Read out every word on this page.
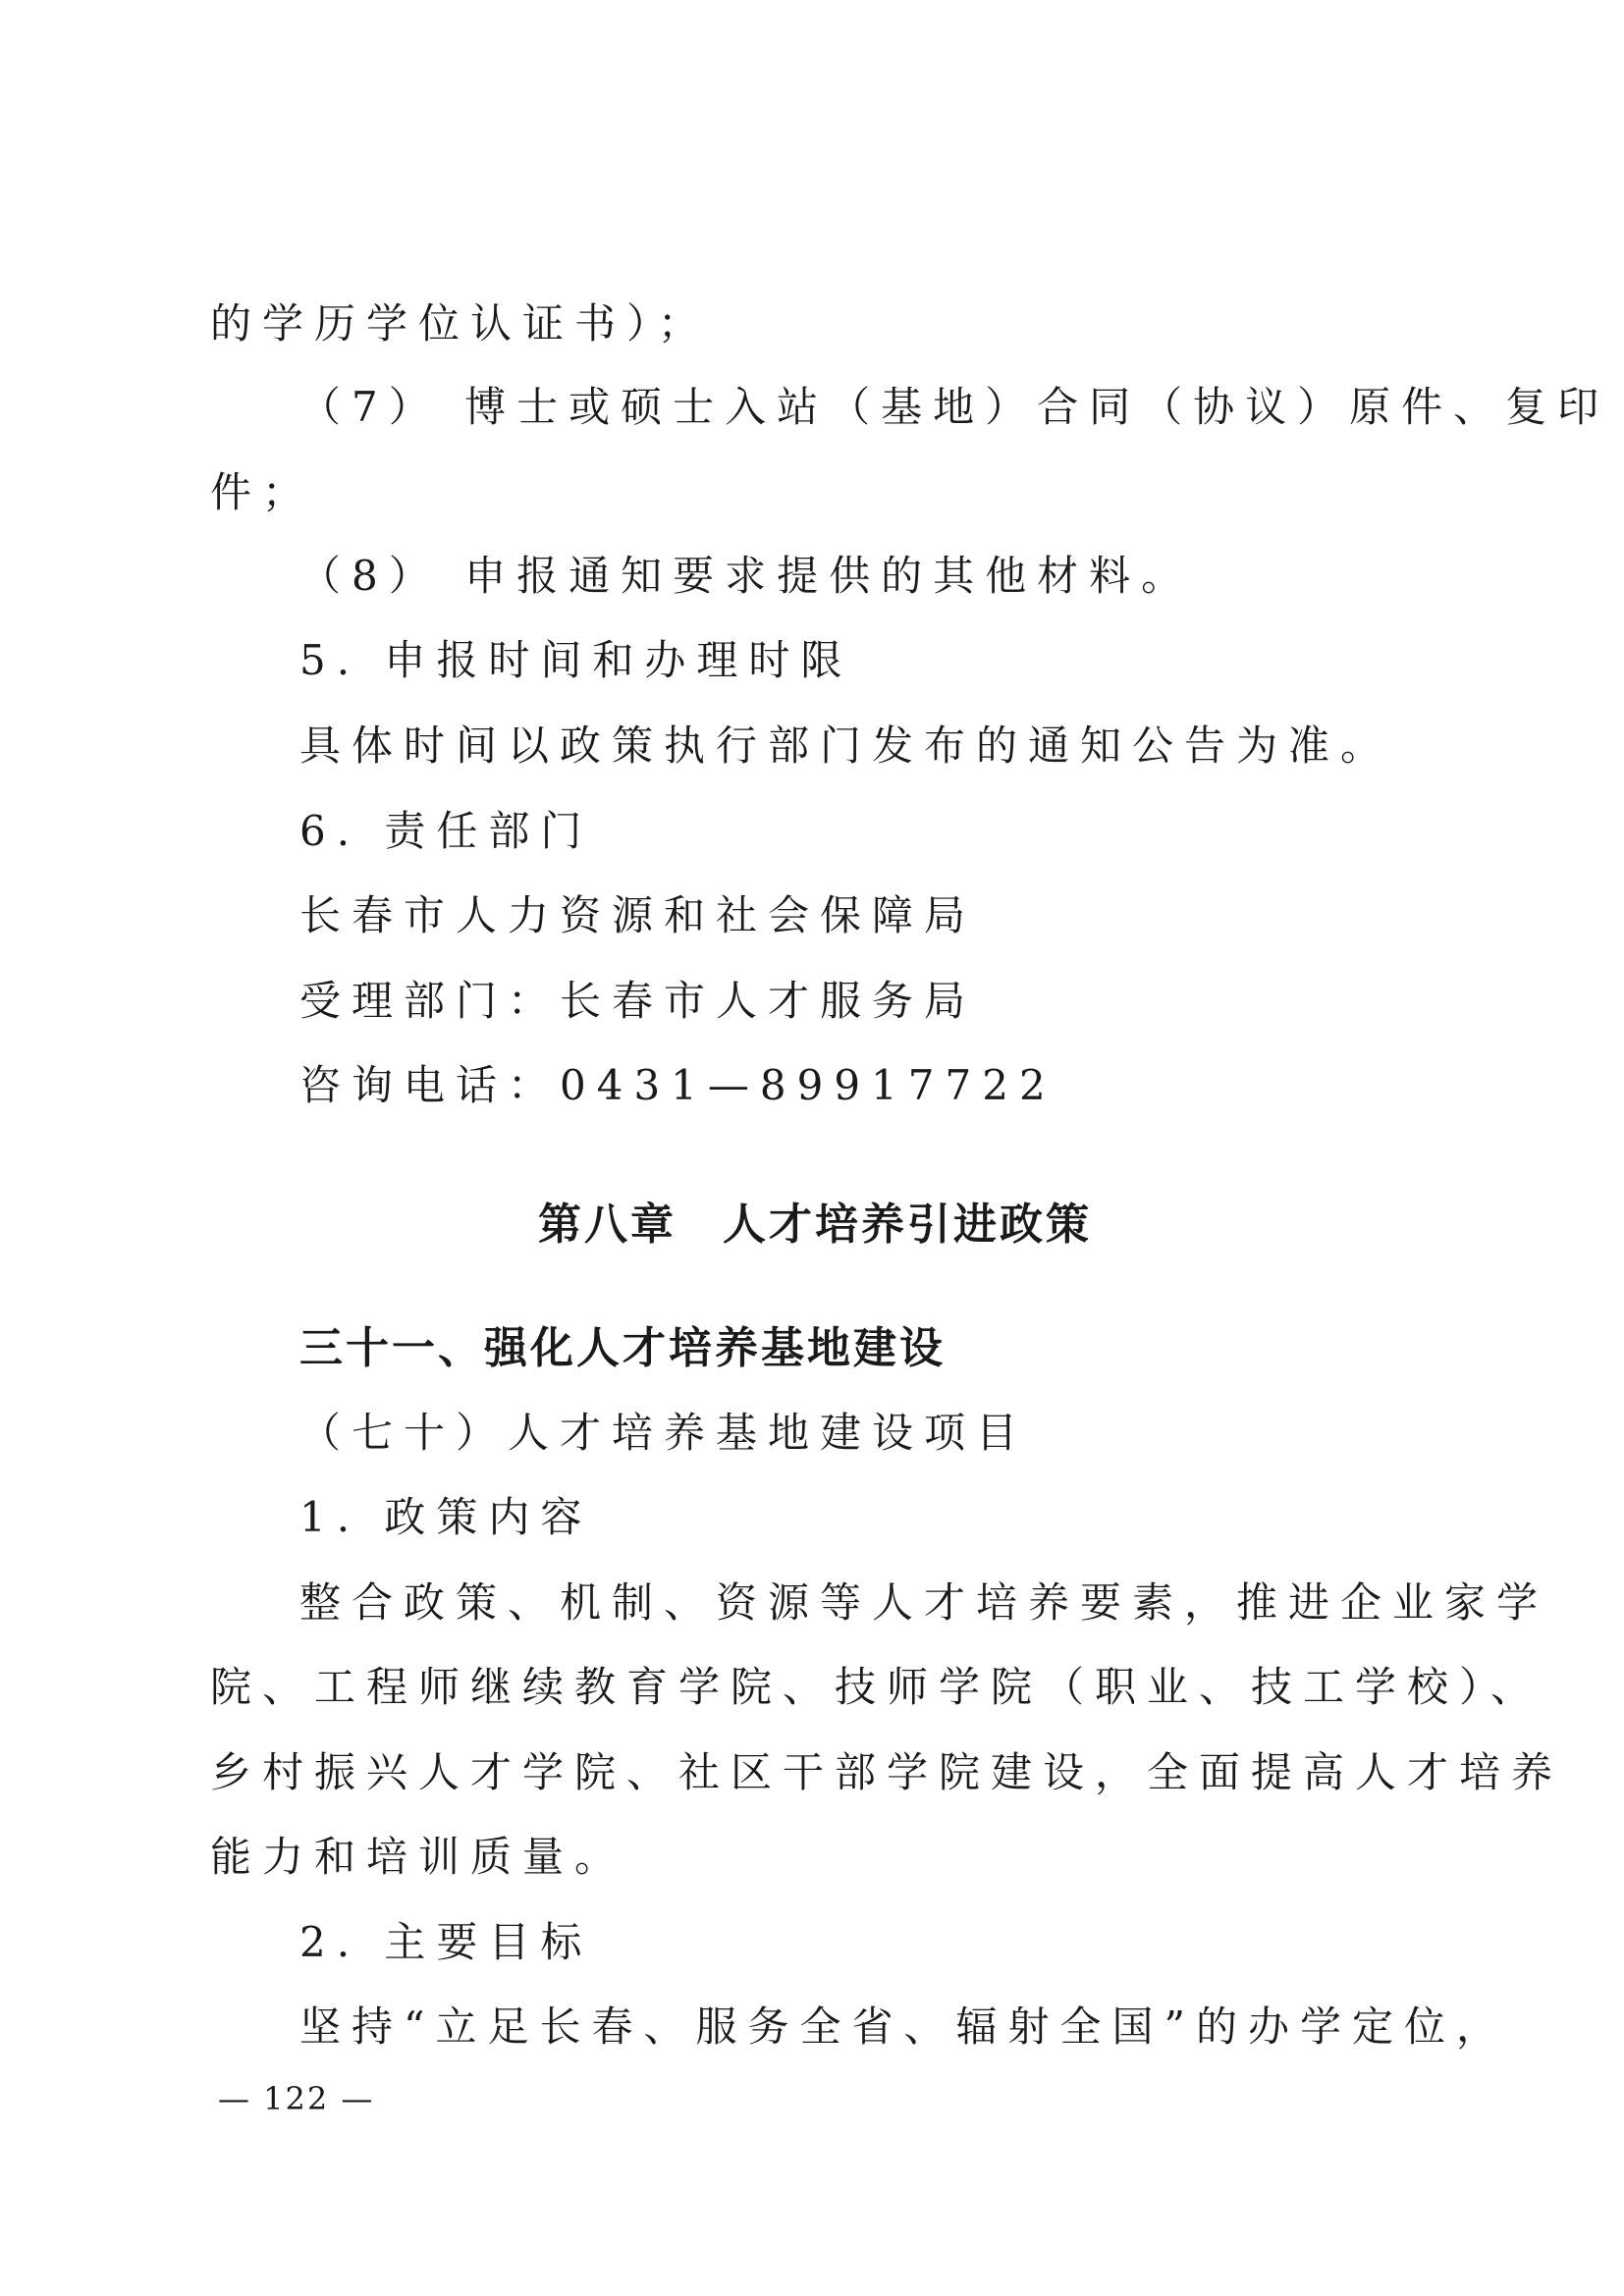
的学历学位认证书）；
（7） 博士或硕士入站（基地）合同（协议）原件、复印
件；
（8） 申报通知要求提供的其他材料。
5. 申报时间和办理时限
具体时间以政策执行部门发布的通知公告为准。
6. 责任部门
长春市人力资源和社会保障局
受理部门：长春市人才服务局
咨询电话：0431—89917722
第八章　人才培养引进政策
三十一、强化人才培养基地建设
（七十）人才培养基地建设项目
1. 政策内容
整合政策、机制、资源等人才培养要素，推进企业家学
院、工程师继续教育学院、技师学院（职业、技工学校）、
乡村振兴人才学院、社区干部学院建设，全面提高人才培养
能力和培训质量。
2. 主要目标
坚持“立足长春、服务全省、辐射全国”的办学定位，
— 122 —
